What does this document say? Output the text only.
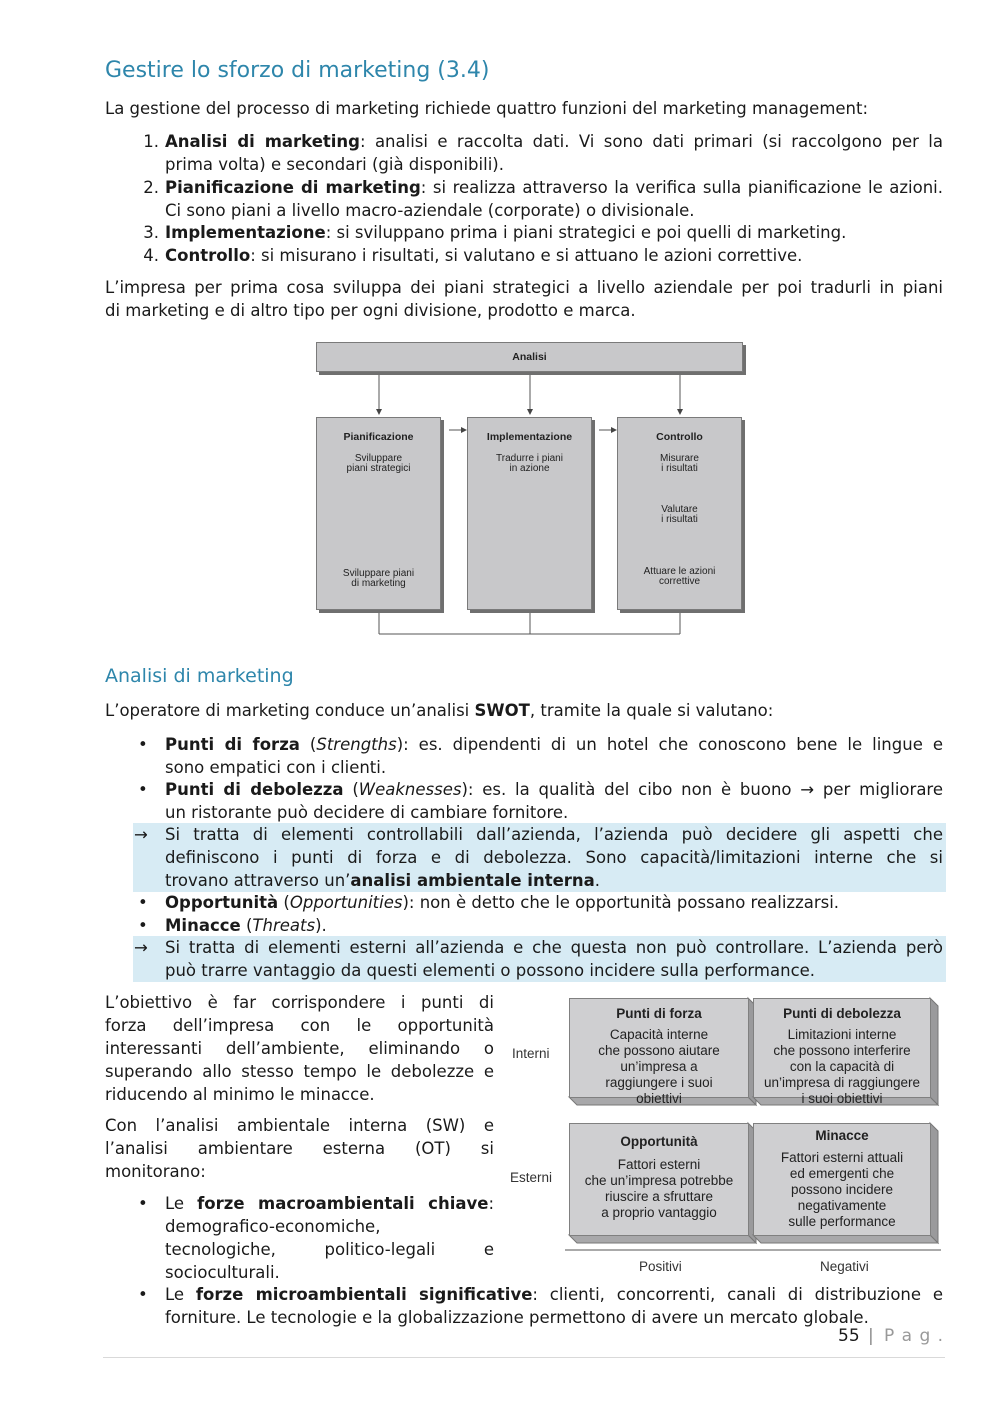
Gestire lo sforzo di marketing (3.4)

La gestione del processo di marketing richiede quattro funzioni del marketing management:

1. Analisi di marketing: analisi e raccolta dati. Vi sono dati primari (si raccolgono per la
prima volta) e secondari (già disponibili).
2. Pianificazione di marketing: si realizza attraverso la verifica sulla pianificazione le azioni.
Ci sono piani a livello macro-aziendale (corporate) o divisionale.
3. Implementazione: si sviluppano prima i piani strategici e poi quelli di marketing.
4. Controllo: si misurano i risultati, si valutano e si attuano le azioni correttive.
L’impresa per prima cosa sviluppa dei piani strategici a livello aziendale per poi tradurli in piani
di marketing e di altro tipo per ogni divisione, prodotto e marca.
Analisi
Pianificazione
Sviluppare
piani strategici
Sviluppare piani
di marketing
Implementazione
Tradurre i piani
in azione
Controllo
Misurare
i risultati
Valutare
i risultati
Attuare le azioni
correttive
Analisi di marketing

L’operatore di marketing conduce un’analisi SWOT, tramite la quale si valutano:

• Punti di forza (Strengths): es. dipendenti di un hotel che conoscono bene le lingue e
sono empatici con i clienti.
• Punti di debolezza (Weaknesses): es. la qualità del cibo non è buono → per migliorare
un ristorante può decidere di cambiare fornitore.
→ Si tratta di elementi controllabili dall’azienda, l’azienda può decidere gli aspetti che
definiscono i punti di forza e di debolezza. Sono capacità/limitazioni interne che si
trovano attraverso un’analisi ambientale interna.
• Opportunità (Opportunities): non è detto che le opportunità possano realizzarsi.
• Minacce (Threats).
→ Si tratta di elementi esterni all’azienda e che questa non può controllare. L’azienda però
può trarre vantaggio da questi elementi o possono incidere sulla performance.
L’obiettivo è far corrispondere i punti di
forza dell’impresa con le opportunità
interessanti dell’ambiente, eliminando o
superando allo stesso tempo le debolezze e
riducendo al minimo le minacce.
Con l’analisi ambientale interna (SW) e
l’analisi ambientare esterna (OT) si
monitorano:
• Le forze macroambientali chiave:
demografico-economiche,
tecnologiche, politico-legali e
socioculturali.
• Le forze microambientali significative: clienti, concorrenti, canali di distribuzione e
forniture. Le tecnologie e la globalizzazione permettono di avere un mercato globale.
Punti di forza
Capacità interne
che possono aiutare
un’impresa a
raggiungere i suoi
obiettivi
Punti di debolezza
Limitazioni interne
che possono interferire
con la capacità di
un’impresa di raggiungere
i suoi obiettivi
Opportunità
Fattori esterni
che un’impresa potrebbe
riuscire a sfruttare
a proprio vantaggio
Minacce
Fattori esterni attuali
ed emergenti che
possono incidere
negativamente
sulle performance
Interni
Esterni
Positivi	Negativi
55 | P a g .
